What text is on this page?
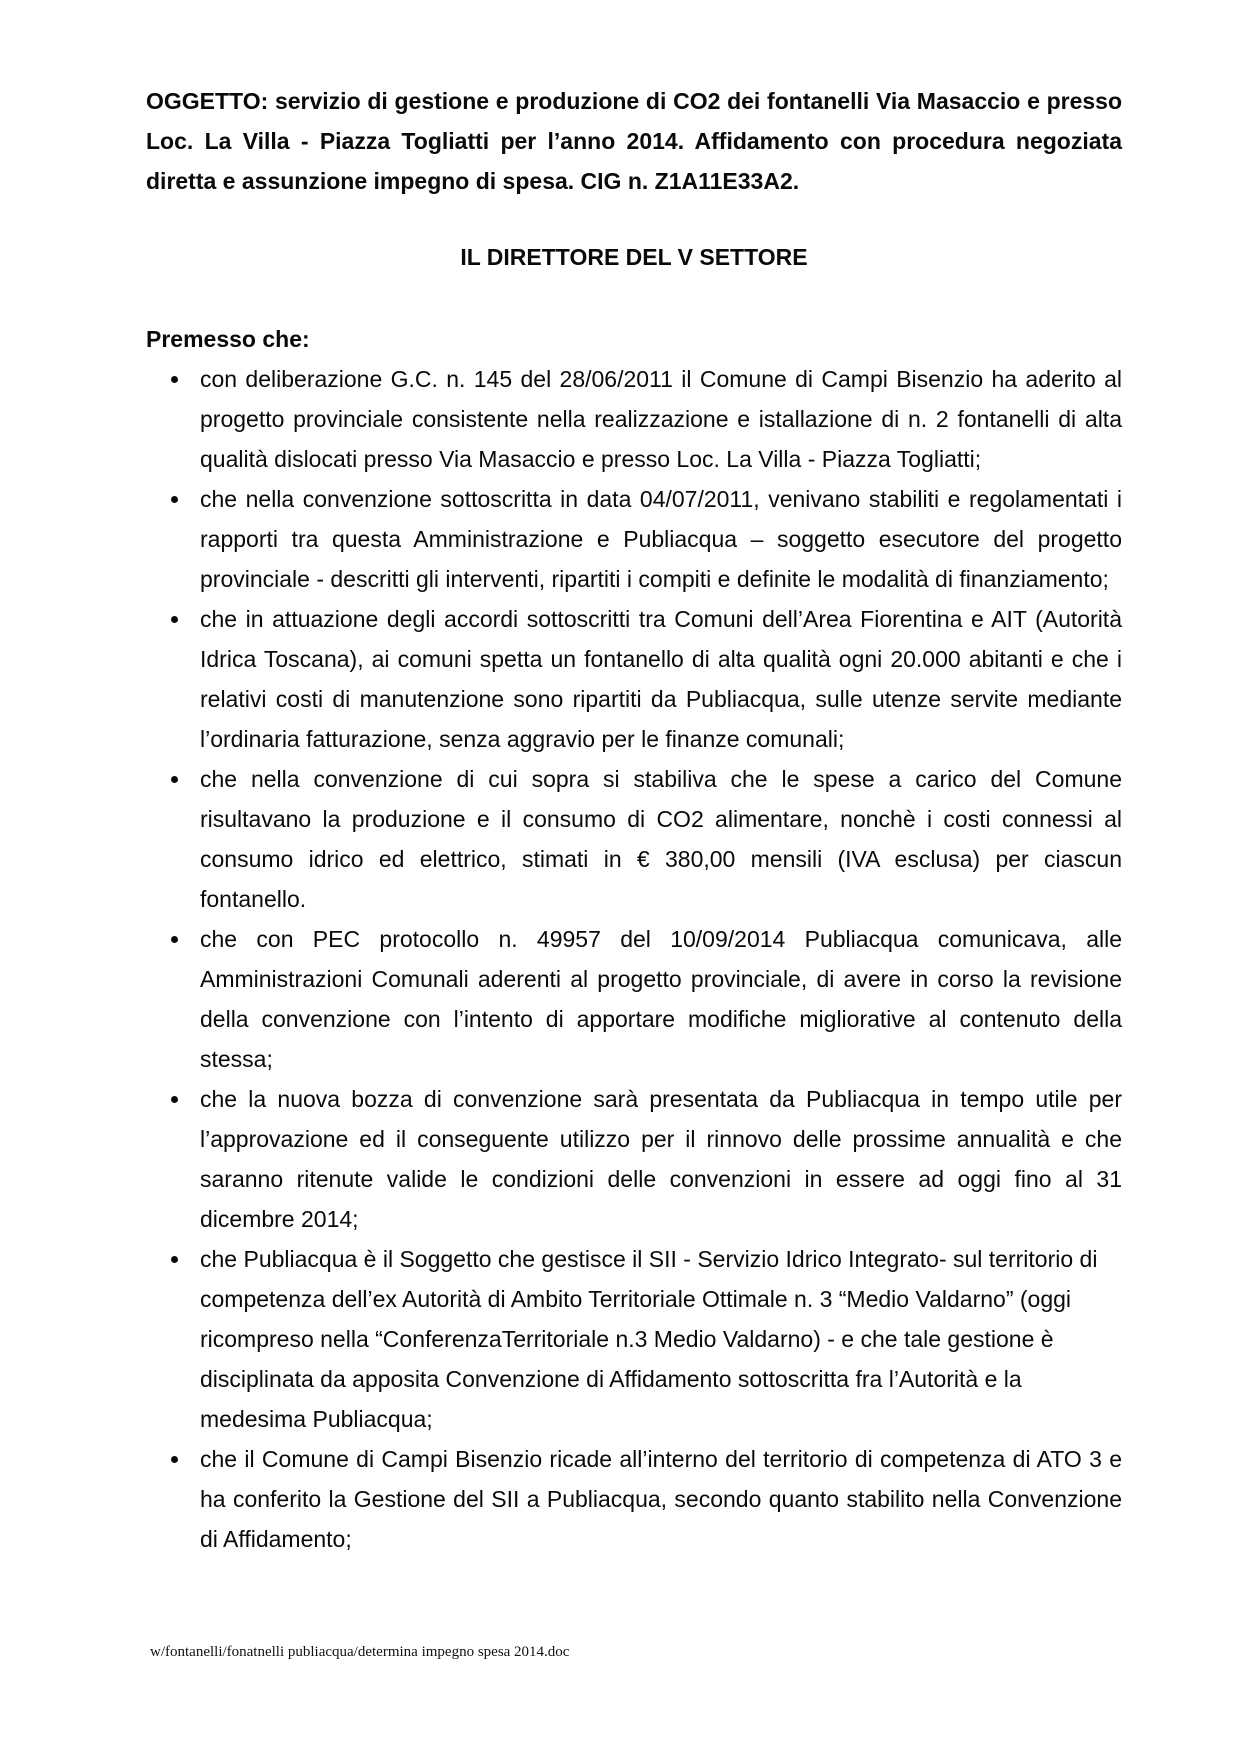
OGGETTO: servizio di gestione e produzione di CO2 dei fontanelli Via Masaccio e presso Loc. La Villa - Piazza Togliatti per l’anno 2014. Affidamento con procedura negoziata diretta e assunzione impegno di spesa. CIG n. Z1A11E33A2.

IL DIRETTORE DEL V SETTORE

Premesso che:

con deliberazione G.C. n. 145 del 28/06/2011 il Comune di Campi Bisenzio ha aderito al progetto provinciale consistente nella realizzazione e istallazione di n. 2 fontanelli di alta qualità dislocati presso Via Masaccio e presso Loc. La Villa - Piazza Togliatti;
che nella convenzione sottoscritta in data 04/07/2011, venivano stabiliti e regolamentati i rapporti tra questa Amministrazione e Publiacqua – soggetto esecutore del progetto provinciale - descritti gli interventi, ripartiti i compiti e definite le modalità di finanziamento;
che in attuazione degli accordi sottoscritti tra Comuni dell’Area Fiorentina e AIT (Autorità Idrica Toscana), ai comuni spetta un fontanello di alta qualità ogni 20.000 abitanti e che i relativi costi di manutenzione sono ripartiti da Publiacqua, sulle utenze servite mediante l’ordinaria fatturazione, senza aggravio per le finanze comunali;
che nella convenzione di cui sopra si stabiliva che le spese a carico del Comune risultavano la produzione e il consumo di CO2 alimentare, nonchè i costi connessi al consumo idrico ed elettrico, stimati in € 380,00 mensili (IVA esclusa) per ciascun fontanello.
che con PEC protocollo n. 49957 del 10/09/2014 Publiacqua comunicava, alle Amministrazioni Comunali aderenti al progetto provinciale, di avere in corso la revisione della convenzione con l’intento di apportare modifiche migliorative al contenuto della stessa;
che la nuova bozza di convenzione sarà presentata da Publiacqua in tempo utile per l’approvazione ed il conseguente utilizzo per il rinnovo delle prossime annualità e che saranno ritenute valide le condizioni delle convenzioni in essere ad oggi fino al 31 dicembre 2014;
che Publiacqua è il Soggetto che gestisce il SII - Servizio Idrico Integrato- sul territorio di competenza dell’ex Autorità di Ambito Territoriale Ottimale n. 3 “Medio Valdarno” (oggi ricompreso nella “ConferenzaTerritoriale n.3 Medio Valdarno) - e che tale gestione è disciplinata da apposita Convenzione di Affidamento sottoscritta fra l’Autorità e la medesima Publiacqua;
che il Comune di Campi Bisenzio ricade all’interno del territorio di competenza di ATO 3 e ha conferito la Gestione del SII a Publiacqua, secondo quanto stabilito nella Convenzione di Affidamento;
w/fontanelli/fonatnelli publiacqua/determina impegno spesa 2014.doc
